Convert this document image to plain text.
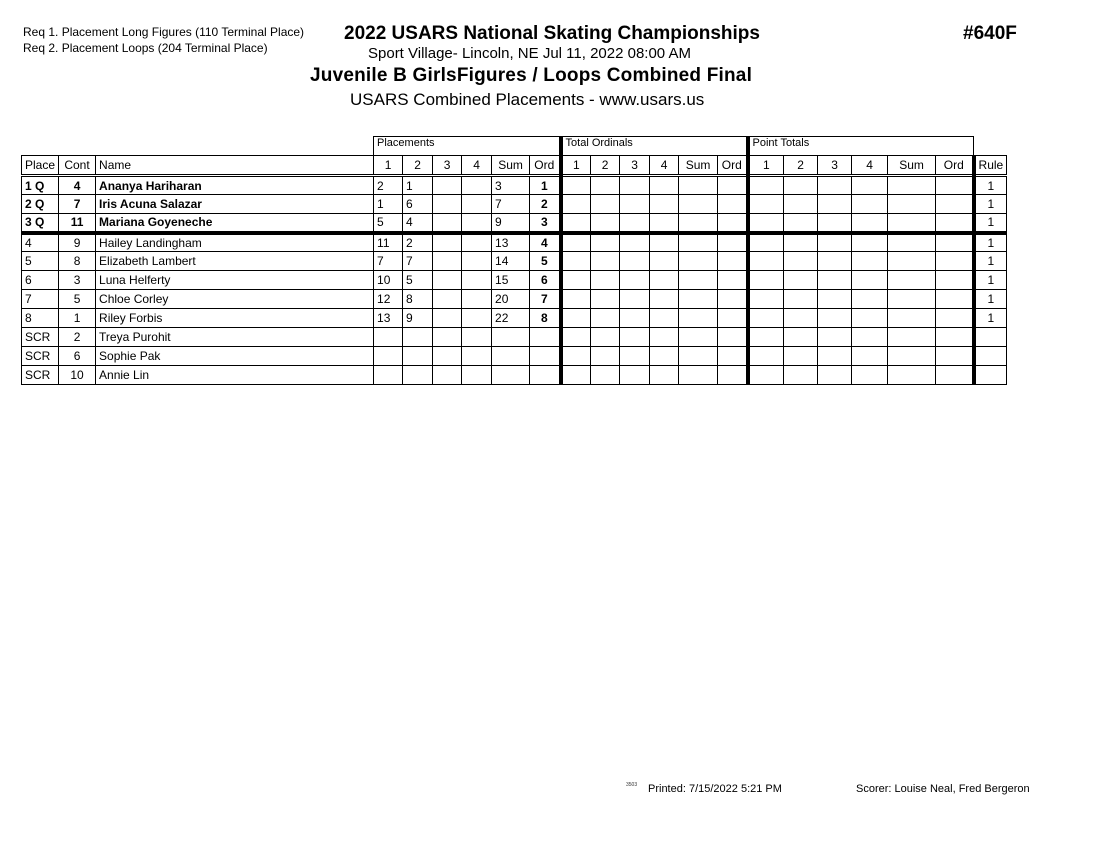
Req 1. Placement Long Figures (110 Terminal Place)
Req 2. Placement Loops (204 Terminal Place)
2022 USARS National Skating Championships
Sport Village- Lincoln, NE Jul 11, 2022 08:00 AM
Juvenile B GirlsFigures / Loops Combined Final
USARS Combined Placements - www.usars.us
#640F
			Placements						Total Ordinals						Point Totals						
Place	Cont	Name	1	2	3	4	Sum	Ord	1	2	3	4	Sum	Ord	1	2	3	4	Sum	Ord	Rule
1 Q	4	Ananya Hariharan	2	1			3	1													1
2 Q	7	Iris Acuna Salazar	1	6			7	2													1
3 Q	11	Mariana Goyeneche	5	4			9	3													1
4	9	Hailey Landingham	11	2			13	4													1
5	8	Elizabeth Lambert	7	7			14	5													1
6	3	Luna Helferty	10	5			15	6													1
7	5	Chloe Corley	12	8			20	7													1
8	1	Riley Forbis	13	9			22	8													1
SCR	2	Treya Purohit																			
SCR	6	Sophie Pak																			
SCR	10	Annie Lin																			
3503 Printed: 7/15/2022 5:21 PM	Scorer: Louise Neal, Fred Bergeron
